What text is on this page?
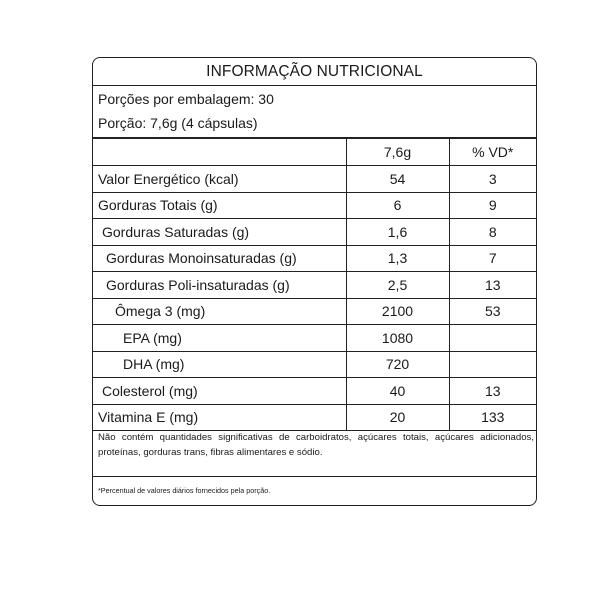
INFORMAÇÃO NUTRICIONAL
Porções por embalagem: 30
Porção: 7,6g (4 cápsulas)
	7,6g	% VD*
Valor Energético (kcal)	54	3
Gorduras Totais (g)	6	9
Gorduras Saturadas (g)	1,6	8
Gorduras Monoinsaturadas (g)	1,3	7
Gorduras Poli-insaturadas (g)	2,5	13
Ômega 3 (mg)	2100	53
EPA (mg)	1080	
DHA (mg)	720	
Colesterol (mg)	40	13
Vitamina E (mg)	20	133
Não contém quantidades significativas de carboidratos, açúcares totais, açúcares adicionados, proteínas, gorduras trans, fibras alimentares e sódio.
*Percentual de valores diários fornecidos pela porção.
